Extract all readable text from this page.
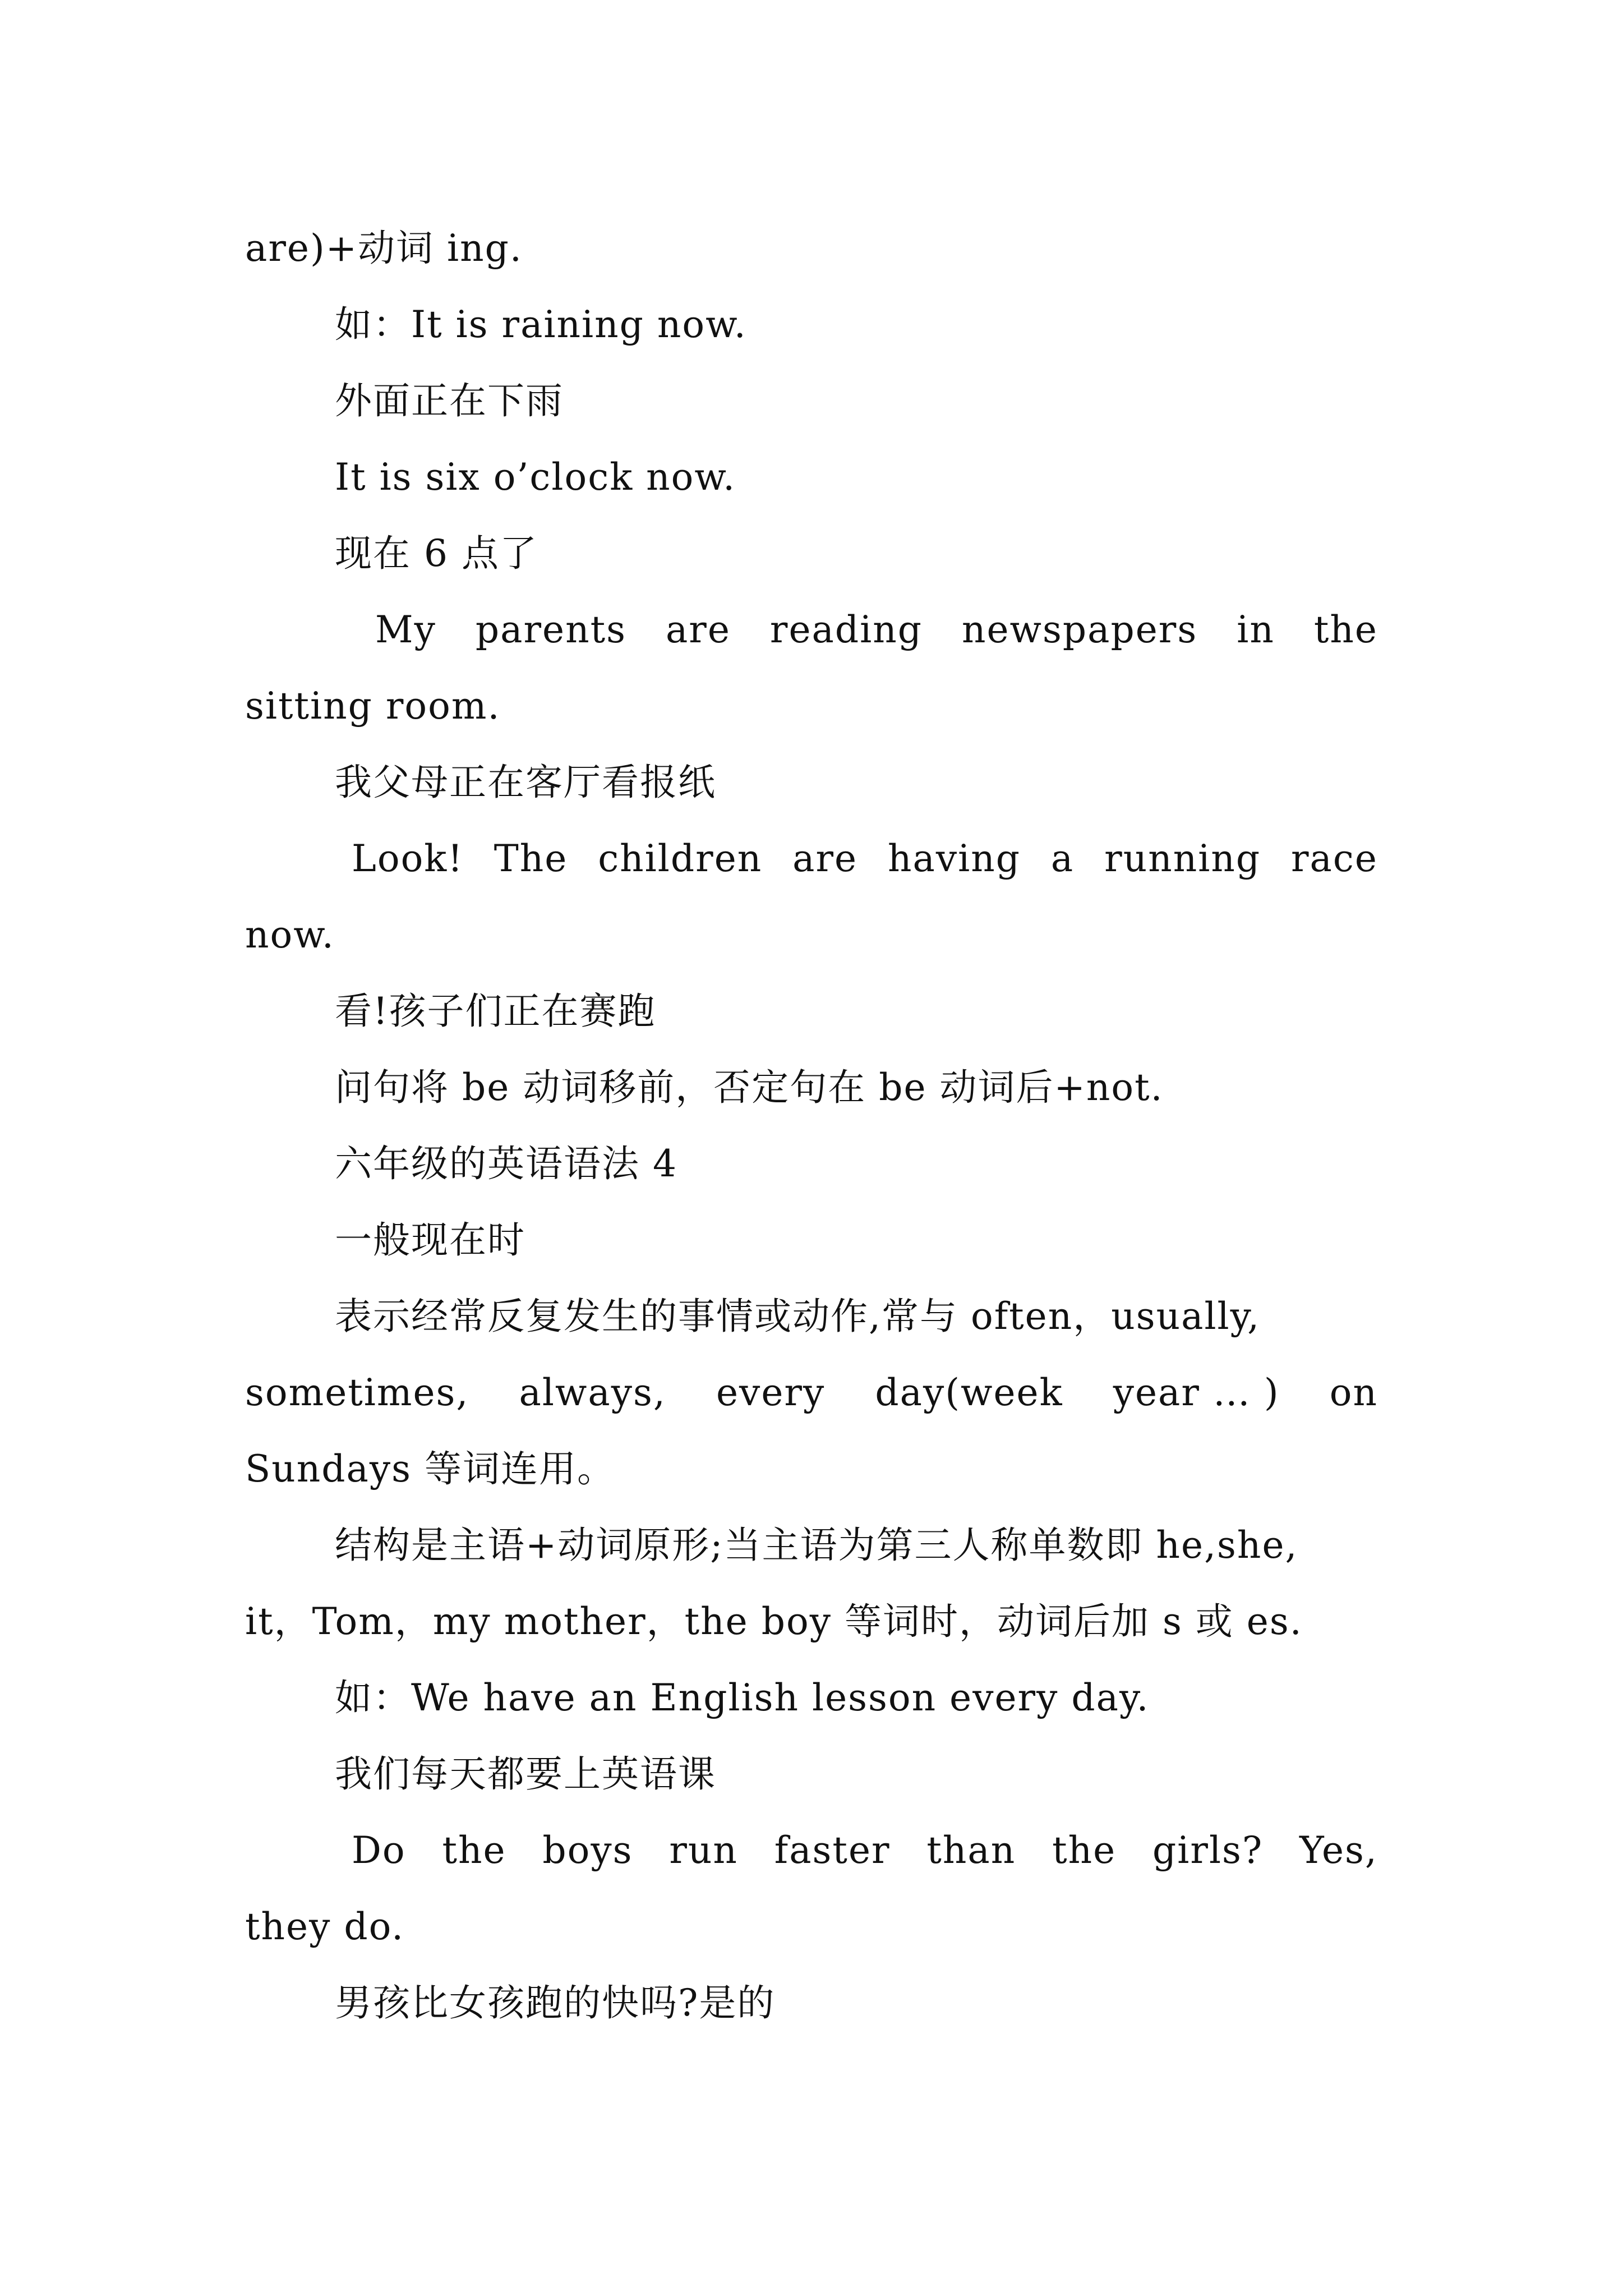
are)+动词 ing.
如：It is raining now.
外面正在下雨
It is six o’clock now.
现在 6 点了
My parents are reading newspapers in the
sitting room.
我父母正在客厅看报纸
Look! The children are having a running race
now.
看!孩子们正在赛跑
问句将 be 动词移前，否定句在 be 动词后+not.
六年级的英语语法 4
一般现在时
表示经常反复发生的事情或动作,常与 often，usually,
sometimes, always, every day(week year … ) on
Sundays 等词连用。
结构是主语+动词原形;当主语为第三人称单数即 he,she,
it，Tom，my mother，the boy 等词时，动词后加 s 或 es.
如：We have an English lesson every day.
我们每天都要上英语课
Do the boys run faster than the girls? Yes,
they do.
男孩比女孩跑的快吗?是的
